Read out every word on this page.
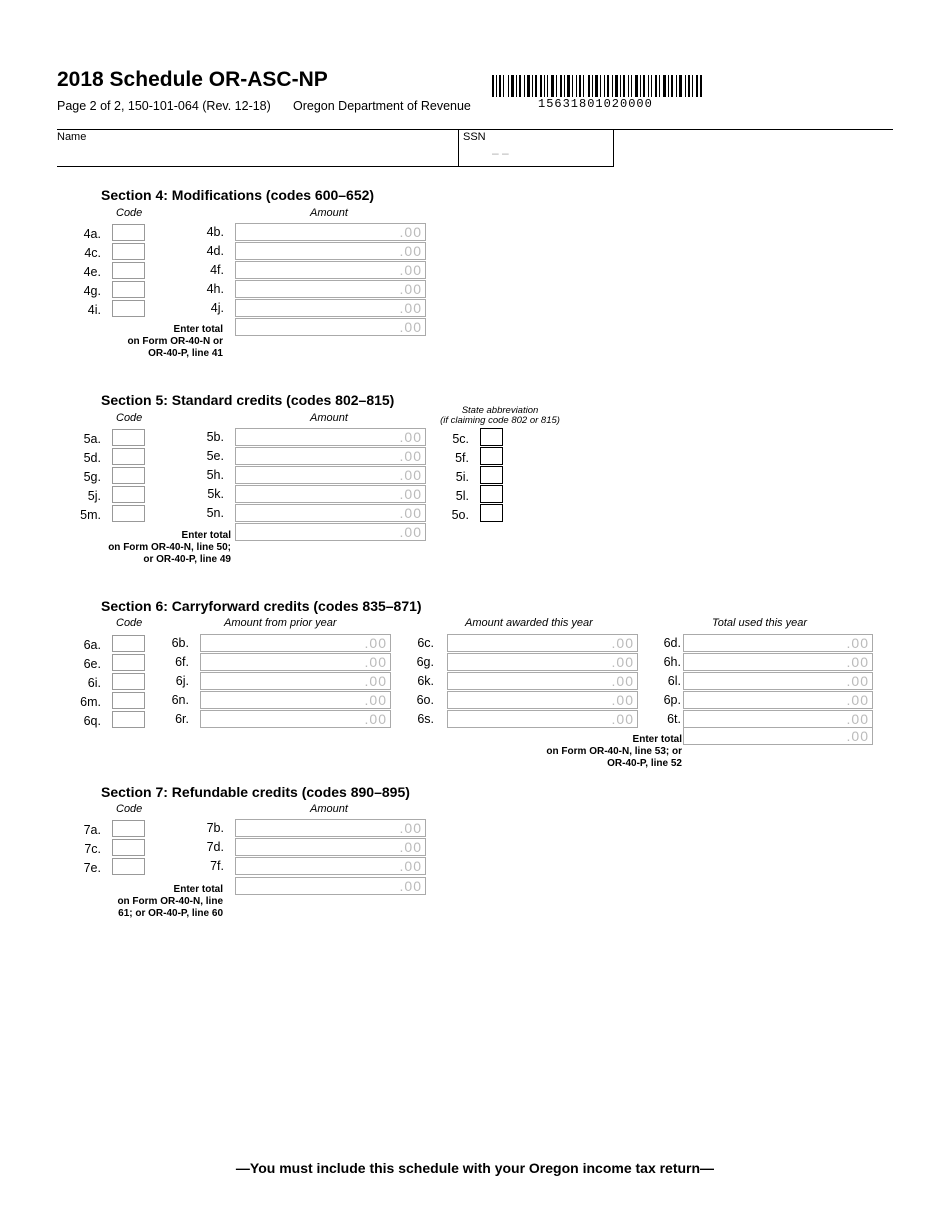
2018 Schedule OR-ASC-NP
Page 2 of 2, 150-101-064 (Rev. 12-18) Oregon Department of Revenue	15631801020000
Name	SSN
– –
Section 4: Modifications (codes 600–652)
Code	Amount
4a.	4b.	.00
4c.	4d.	.00
4e.	4f.	.00
4g.	4h.	.00
4i.	4j.	.00
Enter total
on Form OR-40-N or
OR-40-P, line 41
.00
Section 5: Standard credits (codes 802–815)
Code	Amount
State abbreviation
(if claiming code 802 or 815)
5a.	5b.	.00	5c.
5d.	5e.	.00	5f.
5g.	5h.	.00	5i.
5j.	5k.	.00	5l.
5m.	5n.	.00	5o.
Enter total
on Form OR-40-N, line 50;
or OR-40-P, line 49
.00
Section 6: Carryforward credits (codes 835–871)
Code	Amount from prior year	Amount awarded this year	Total used this year
6a.	6b.	.00	6c.	.00	6d.	.00
6e.	6f.	.00	6g.	.00	6h.	.00
6i.	6j.	.00	6k.	.00	6l.	.00
6m.	6n.	.00	6o.	.00	6p.	.00
6q.	6r.	.00	6s.	.00	6t.	.00
Enter total
on Form OR-40-N, line 53; or
OR-40-P, line 52
.00
Section 7: Refundable credits (codes 890–895)
Code	Amount
7a.	7b.	.00
7c.	7d.	.00
7e.	7f.	.00
Enter total
on Form OR-40-N, line
61; or OR-40-P, line 60
.00
—You must include this schedule with your Oregon income tax return—
